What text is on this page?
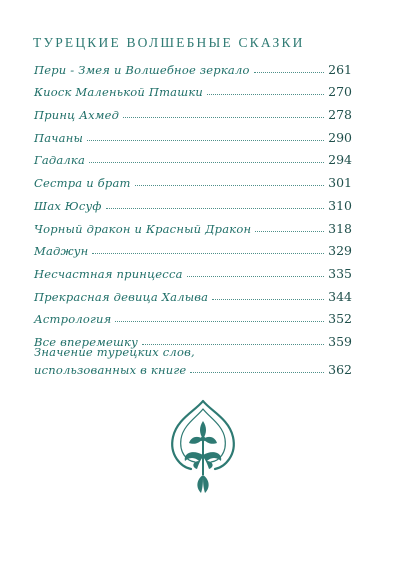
ТУРЕЦКИЕ ВОЛШЕБНЫЕ СКАЗКИ
Пери - Змея и Волшебное зеркало	261
Киоск Маленькой Пташки	270
Принц Ахмед	278
Пачаны	290
Гадалка	294
Сестра и брат	301
Шах Юсуф	310
Чорный дракон и Красный Дракон	318
Маджун	329
Несчастная принцесса	335
Прекрасная девица Халыва	344
Астрология	352
Все вперемешку	359
Значение турецких слов,
использованных в книге	362
